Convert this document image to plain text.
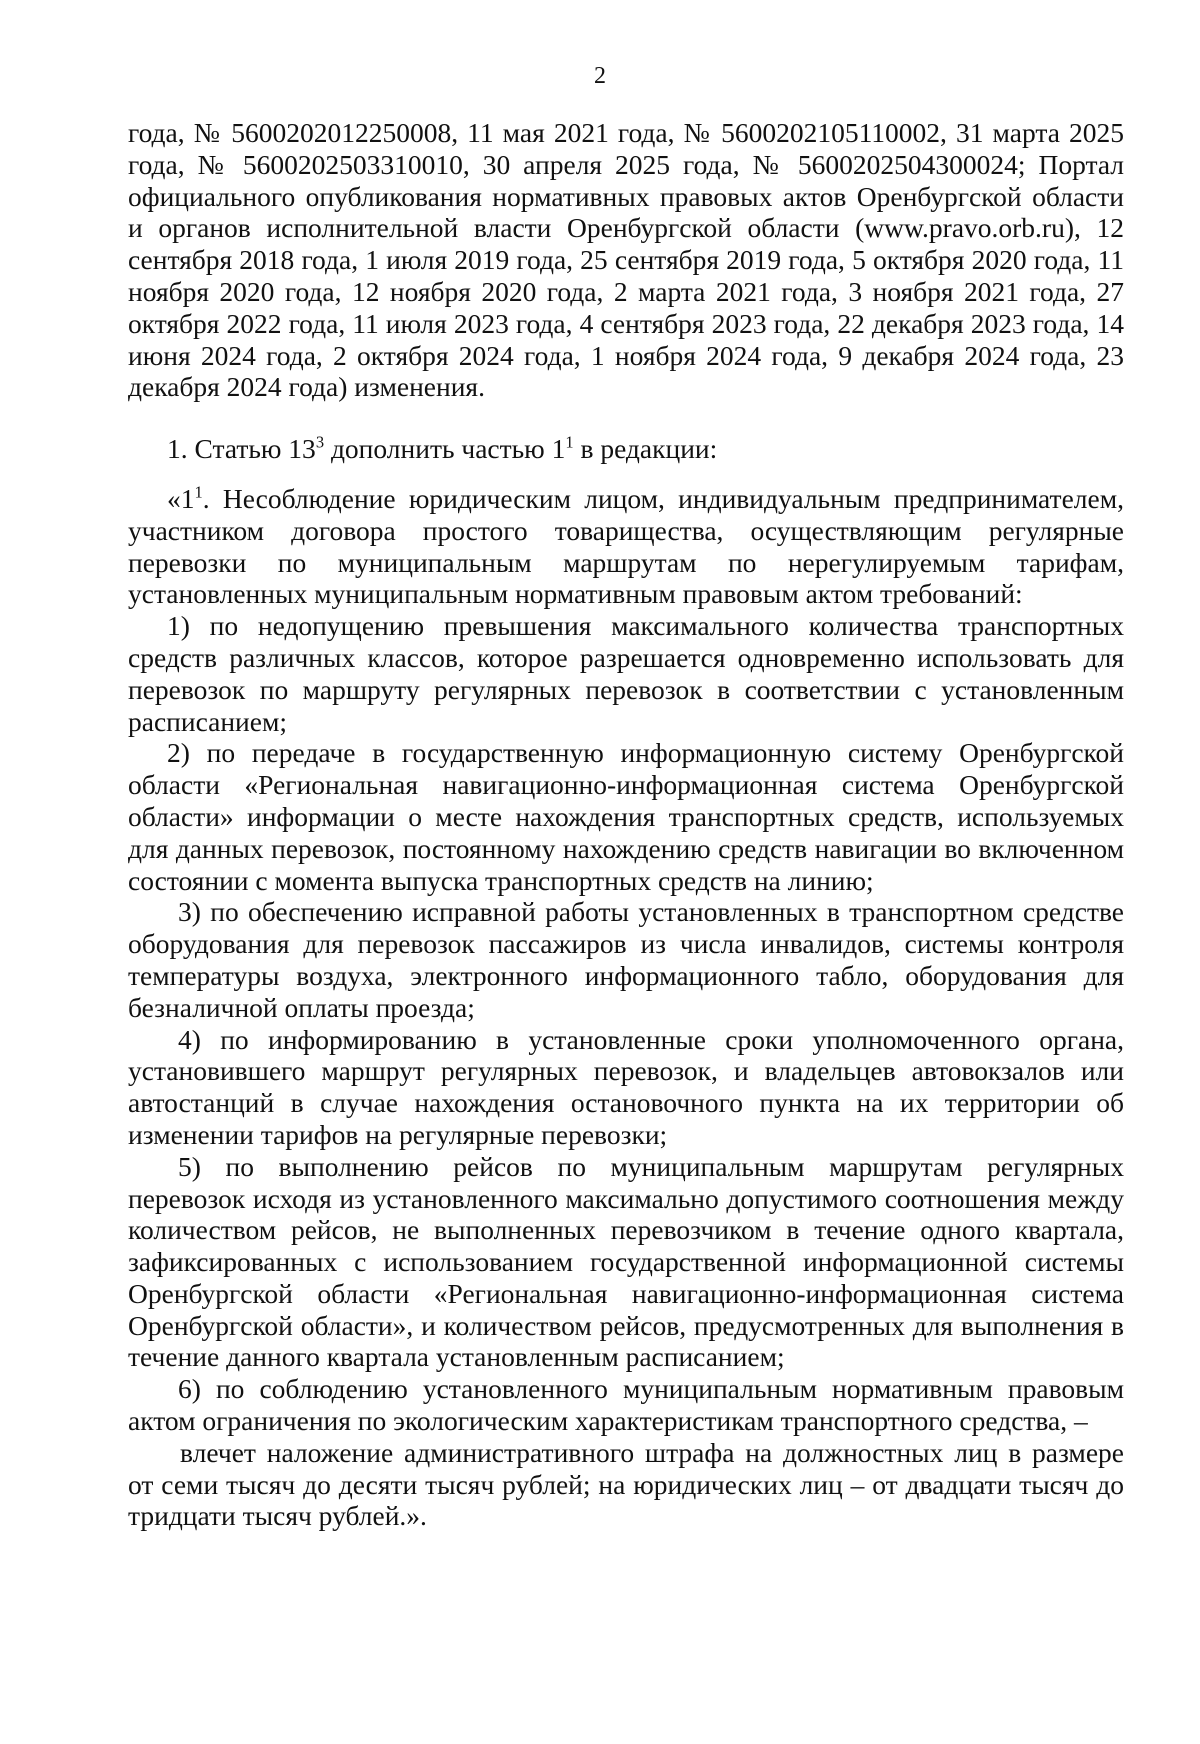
2

года, № 5600202012250008, 11 мая 2021 года, № 5600202105110002, 31 марта 2025 года, № 5600202503310010, 30 апреля 2025 года, № 5600202504300024; Портал официального опубликования нормативных правовых актов Оренбургской области и органов исполнительной власти Оренбургской области (www.pravo.orb.ru), 12 сентября 2018 года, 1 июля 2019 года, 25 сентября 2019 года, 5 октября 2020 года, 11 ноября 2020 года, 12 ноября 2020 года, 2 марта 2021 года, 3 ноября 2021 года, 27 октября 2022 года, 11 июля 2023 года, 4 сентября 2023 года, 22 декабря 2023 года, 14 июня 2024 года, 2 октября 2024 года, 1 ноября 2024 года, 9 декабря 2024 года, 23 декабря 2024 года) изменения.

1. Статью $13^3$ дополнить частью $1^1$ в редакции:

«$1^1$. Несоблюдение юридическим лицом, индивидуальным предпринимателем, участником договора простого товарищества, осуществляющим регулярные перевозки по муниципальным маршрутам по нерегулируемым тарифам, установленных муниципальным нормативным правовым актом требований:

1) по недопущению превышения максимального количества транспортных средств различных классов, которое разрешается одновременно использовать для перевозок по маршруту регулярных перевозок в соответствии с установленным расписанием;

2) по передаче в государственную информационную систему Оренбургской области «Региональная навигационно-информационная система Оренбургской области» информации о месте нахождения транспортных средств, используемых для данных перевозок, постоянному нахождению средств навигации во включенном состоянии с момента выпуска транспортных средств на линию;

3) по обеспечению исправной работы установленных в транспортном средстве оборудования для перевозок пассажиров из числа инвалидов, системы контроля температуры воздуха, электронного информационного табло, оборудования для безналичной оплаты проезда;

4) по информированию в установленные сроки уполномоченного органа, установившего маршрут регулярных перевозок, и владельцев автовокзалов или автостанций в случае нахождения остановочного пункта на их территории об изменении тарифов на регулярные перевозки;

5) по выполнению рейсов по муниципальным маршрутам регулярных перевозок исходя из установленного максимально допустимого соотношения между количеством рейсов, не выполненных перевозчиком в течение одного квартала, зафиксированных с использованием государственной информационной системы Оренбургской области «Региональная навигационно-информационная система Оренбургской области», и количеством рейсов, предусмотренных для выполнения в течение данного квартала установленным расписанием;

6) по соблюдению установленного муниципальным нормативным правовым актом ограничения по экологическим характеристикам транспортного средства, –

влечет наложение административного штрафа на должностных лиц в размере от семи тысяч до десяти тысяч рублей; на юридических лиц – от двадцати тысяч до тридцати тысяч рублей.».
